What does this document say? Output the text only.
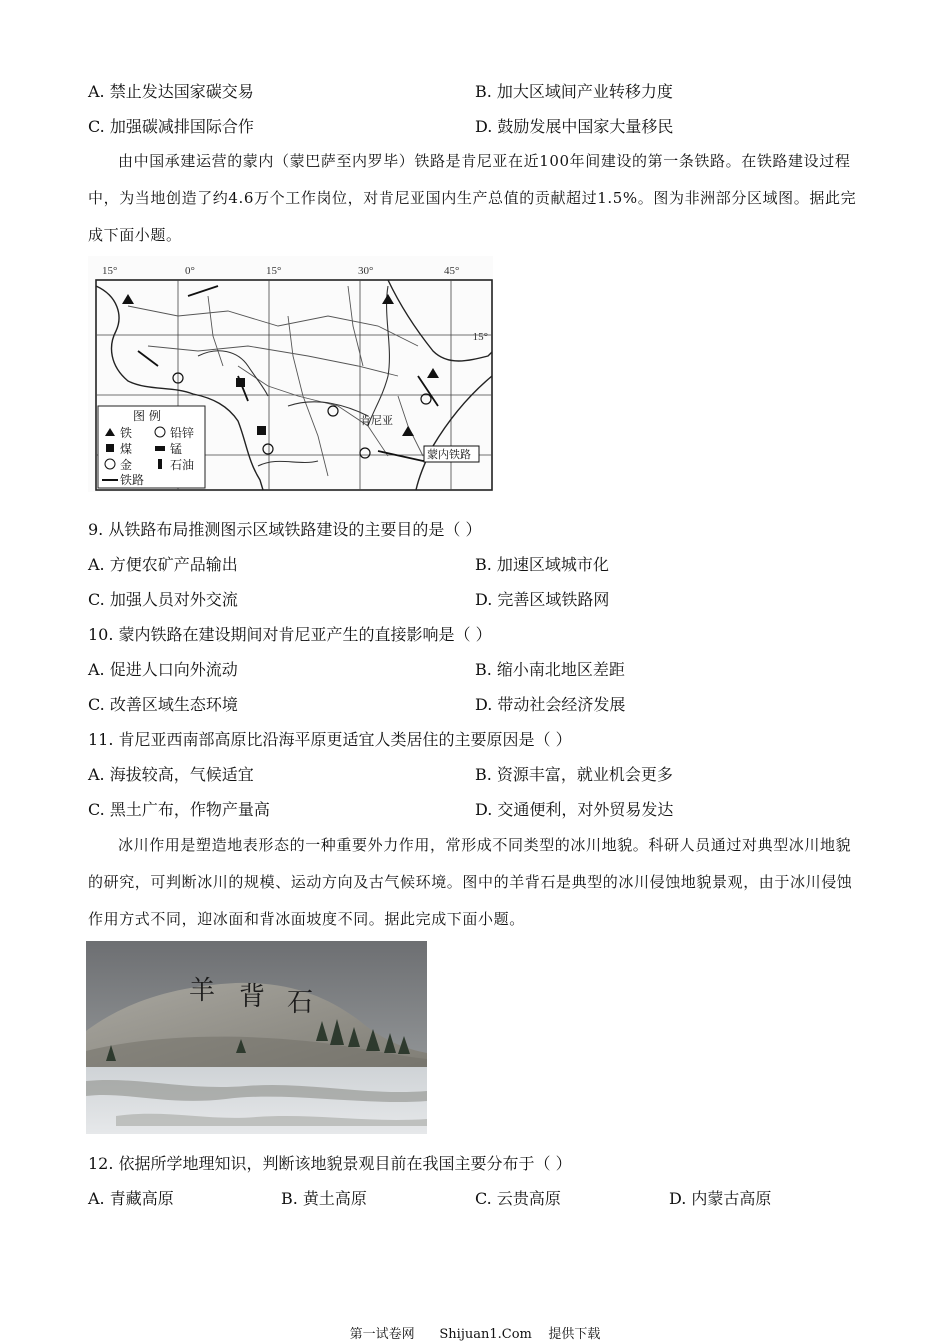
A. 禁止发达国家碳交易	B. 加大区域间产业转移力度
C. 加强碳减排国际合作	D. 鼓励发展中国家大量移民
由中国承建运营的蒙内（蒙巴萨至内罗毕）铁路是肯尼亚在近100年间建设的第一条铁路。在铁路建设过程中，为当地创造了约4.6万个工作岗位，对肯尼亚国内生产总值的贡献超过1.5%。图为非洲部分区域图。据此完成下面小题。
15°	0°	15°	30°	45°
15°
肯尼亚
蒙内铁路
图 例
铁	铅锌
煤	锰
金	石油
铁路
9. 从铁路布局推测图示区域铁路建设的主要目的是（ ）
A. 方便农矿产品输出	B. 加速区域城市化
C. 加强人员对外交流	D. 完善区域铁路网
10. 蒙内铁路在建设期间对肯尼亚产生的直接影响是（ ）
A. 促进人口向外流动	B. 缩小南北地区差距
C. 改善区域生态环境	D. 带动社会经济发展
11. 肯尼亚西南部高原比沿海平原更适宜人类居住的主要原因是（ ）
A. 海拔较高，气候适宜	B. 资源丰富，就业机会更多
C. 黑土广布，作物产量高	D. 交通便利，对外贸易发达
冰川作用是塑造地表形态的一种重要外力作用，常形成不同类型的冰川地貌。科研人员通过对典型冰川地貌的研究，可判断冰川的规模、运动方向及古气候环境。图中的羊背石是典型的冰川侵蚀地貌景观，由于冰川侵蚀作用方式不同，迎冰面和背冰面坡度不同。据此完成下面小题。
羊 背 石
12. 依据所学地理知识，判断该地貌景观目前在我国主要分布于（ ）
A. 青藏高原	B. 黄土高原	C. 云贵高原	D. 内蒙古高原
第一试卷网      Shijuan1.Com    提供下载
